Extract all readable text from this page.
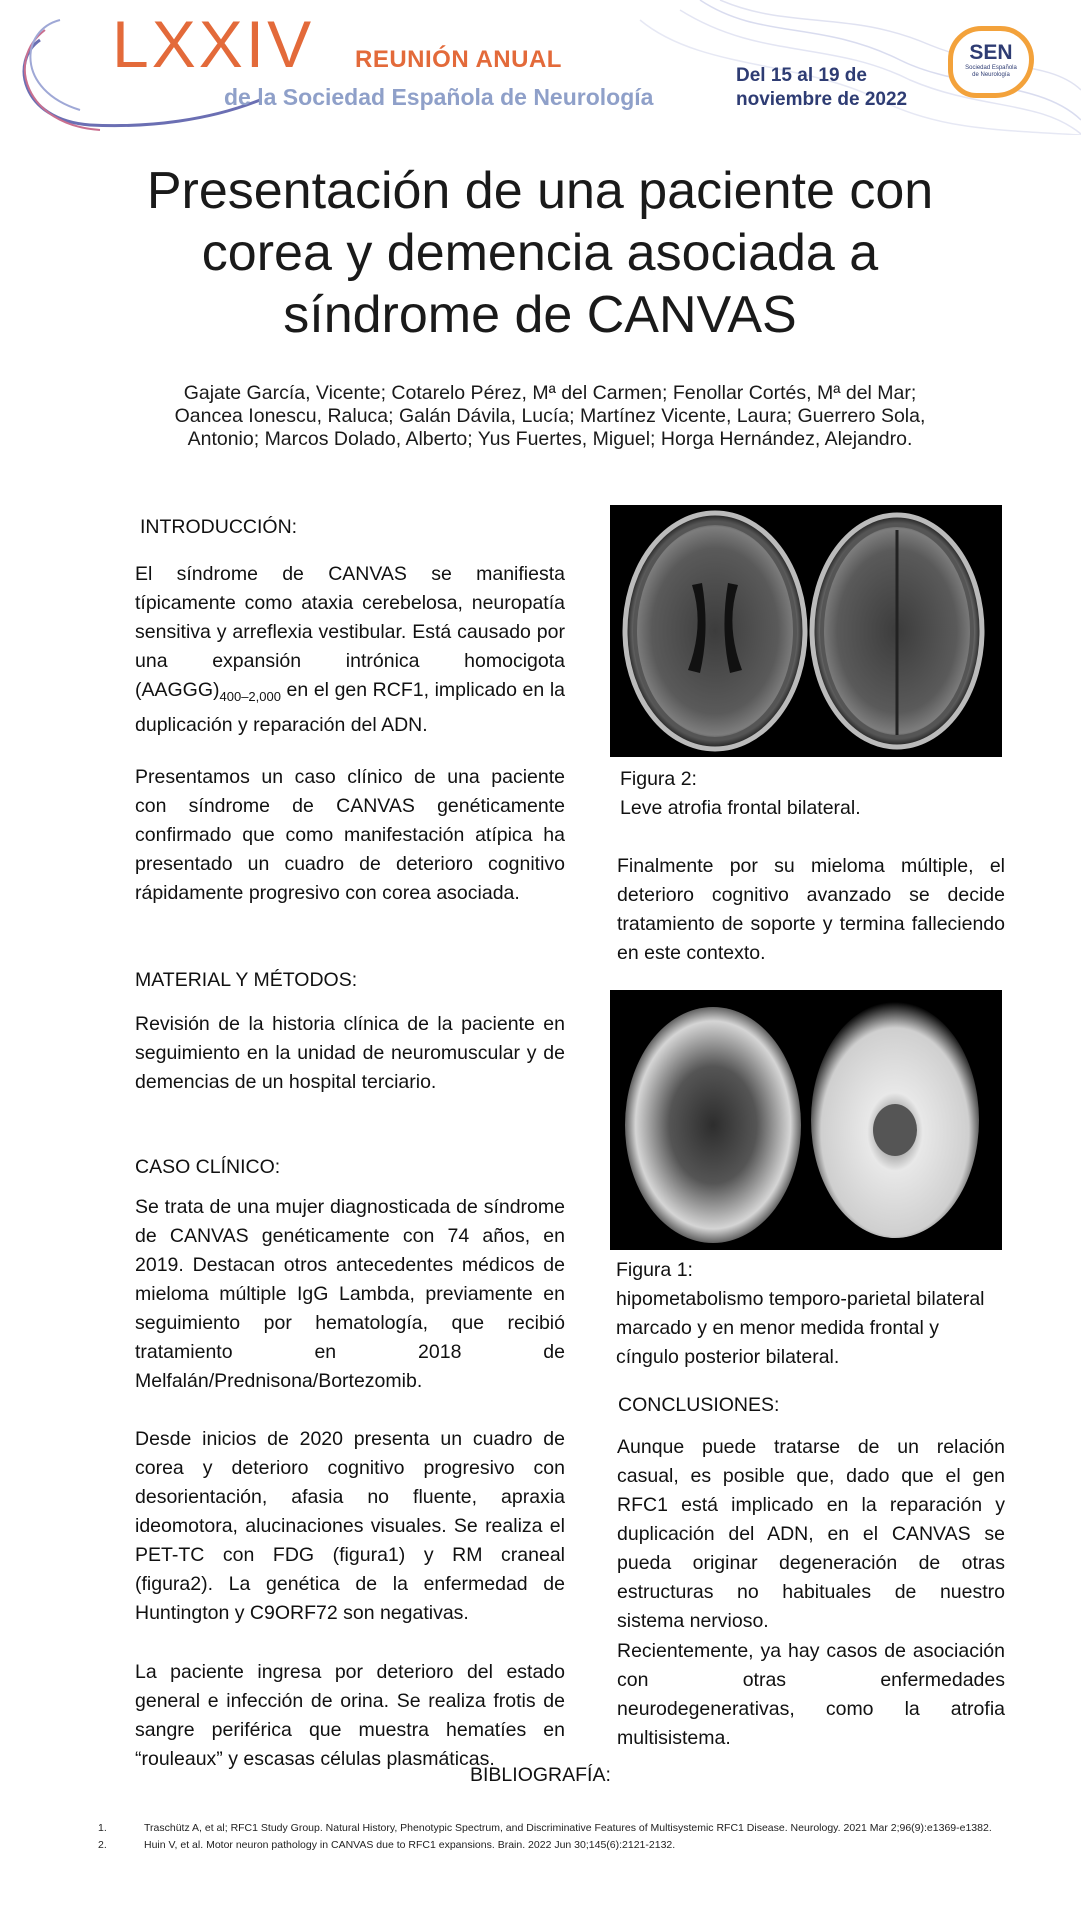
LXXIV REUNIÓN ANUAL
de la Sociedad Española de Neurología
Del 15 al 19 de
noviembre de 2022
SEN
Sociedad Española
de Neurología
Presentación de una paciente con corea y demencia asociada a síndrome de CANVAS
Gajate García, Vicente; Cotarelo Pérez, Mª del Carmen; Fenollar Cortés, Mª del Mar; Oancea Ionescu, Raluca; Galán Dávila, Lucía; Martínez Vicente, Laura; Guerrero Sola, Antonio; Marcos Dolado, Alberto; Yus Fuertes, Miguel; Horga Hernández, Alejandro.
INTRODUCCIÓN:
El síndrome de CANVAS se manifiesta típicamente como ataxia cerebelosa, neuropatía sensitiva y arreflexia vestibular. Está causado por una expansión intrónica homocigota $(AAGGG)_{400-2,000}$ en el gen RCF1, implicado en la duplicación y reparación del ADN.
Presentamos un caso clínico de una paciente con síndrome de CANVAS genéticamente confirmado que como manifestación atípica ha presentado un cuadro de deterioro cognitivo rápidamente progresivo con corea asociada.
MATERIAL Y MÉTODOS:
Revisión de la historia clínica de la paciente en seguimiento en la unidad de neuromuscular y de demencias de un hospital terciario.
CASO CLÍNICO:
Se trata de una mujer diagnosticada de síndrome de CANVAS genéticamente con 74 años, en 2019. Destacan otros antecedentes médicos de mieloma múltiple IgG Lambda, previamente en seguimiento por hematología, que recibió tratamiento en 2018 de Melfalán/Prednisona/Bortezomib.
Desde inicios de 2020 presenta un cuadro de corea y deterioro cognitivo progresivo con desorientación, afasia no fluente, apraxia ideomotora, alucinaciones visuales. Se realiza el PET-TC con FDG (figura1) y RM craneal (figura2). La genética de la enfermedad de Huntington y C9ORF72 son negativas.
La paciente ingresa por deterioro del estado general e infección de orina. Se realiza frotis de sangre periférica que muestra hematíes en “rouleaux” y escasas células plasmáticas.
Figura 2:
Leve atrofia frontal bilateral.
Finalmente por su mieloma múltiple, el deterioro cognitivo avanzado se decide tratamiento de soporte y termina falleciendo en este contexto.
Figura 1:
hipometabolismo temporo-parietal bilateral marcado y en menor medida frontal y cíngulo posterior bilateral.
CONCLUSIONES:
Aunque puede tratarse de un relación casual, es posible que, dado que el gen RFC1 está implicado en la reparación y duplicación del ADN, en el CANVAS se pueda originar degeneración de otras estructuras no habituales de nuestro sistema nervioso.
Recientemente, ya hay casos de asociación con otras enfermedades neurodegenerativas, como la atrofia multisistema.
BIBLIOGRAFÍA:
1.	Traschütz A, et al; RFC1 Study Group. Natural History, Phenotypic Spectrum, and Discriminative Features of Multisystemic RFC1 Disease. Neurology. 2021 Mar 2;96(9):e1369-e1382.
2.	Huin V, et al. Motor neuron pathology in CANVAS due to RFC1 expansions. Brain. 2022 Jun 30;145(6):2121-2132.
